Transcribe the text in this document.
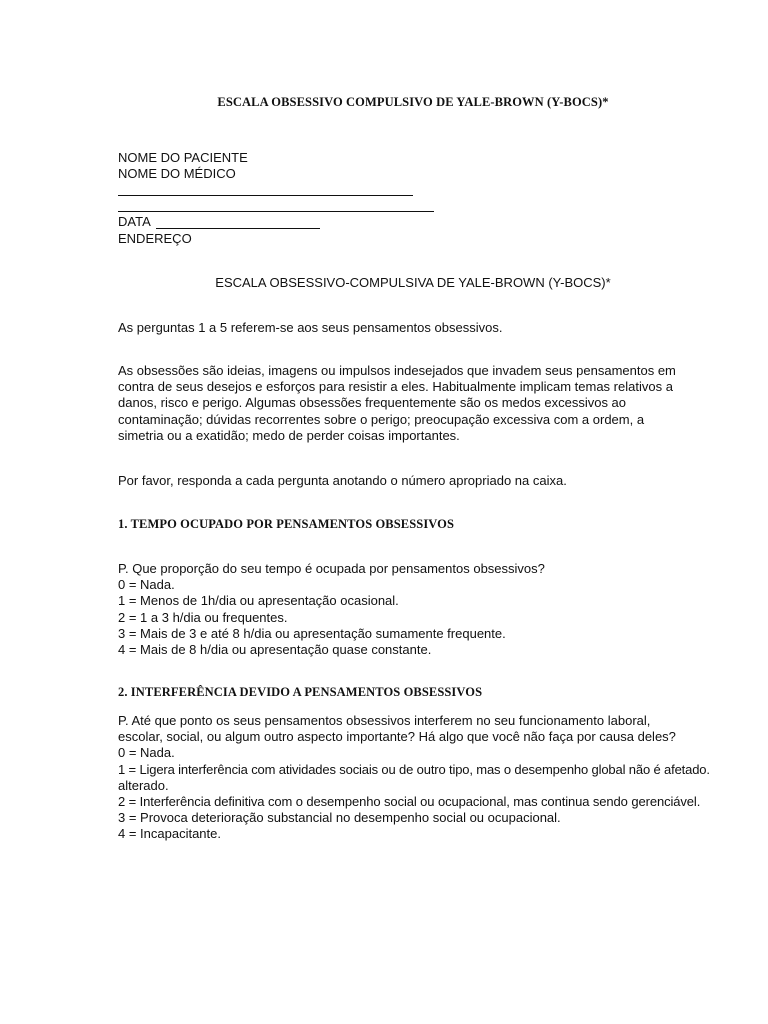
ESCALA OBSESSIVO COMPULSIVO DE YALE-BROWN (Y-BOCS)*
NOME DO PACIENTE
NOME DO MÉDICO
DATA
ENDEREÇO
ESCALA OBSESSIVO-COMPULSIVA DE YALE-BROWN (Y-BOCS)*
As perguntas 1 a 5 referem-se aos seus pensamentos obsessivos.
As obsessões são ideias, imagens ou impulsos indesejados que invadem seus pensamentos em
contra de seus desejos e esforços para resistir a eles. Habitualmente implicam temas relativos a
danos, risco e perigo. Algumas obsessões frequentemente são os medos excessivos ao
contaminação; dúvidas recorrentes sobre o perigo; preocupação excessiva com a ordem, a
simetria ou a exatidão; medo de perder coisas importantes.
Por favor, responda a cada pergunta anotando o número apropriado na caixa.
1. TEMPO OCUPADO POR PENSAMENTOS OBSESSIVOS
P. Que proporção do seu tempo é ocupada por pensamentos obsessivos?
0 = Nada.
1 = Menos de 1h/dia ou apresentação ocasional.
2 = 1 a 3 h/dia ou frequentes.
3 = Mais de 3 e até 8 h/dia ou apresentação sumamente frequente.
4 = Mais de 8 h/dia ou apresentação quase constante.
2. INTERFERÊNCIA DEVIDO A PENSAMENTOS OBSESSIVOS
P. Até que ponto os seus pensamentos obsessivos interferem no seu funcionamento laboral,
escolar, social, ou algum outro aspecto importante? Há algo que você não faça por causa deles?
0 = Nada.
1 = Ligera interferência com atividades sociais ou de outro tipo, mas o desempenho global não é afetado.
alterado.
2 = Interferência definitiva com o desempenho social ou ocupacional, mas continua sendo gerenciável.
3 = Provoca deterioração substancial no desempenho social ou ocupacional.
4 = Incapacitante.
